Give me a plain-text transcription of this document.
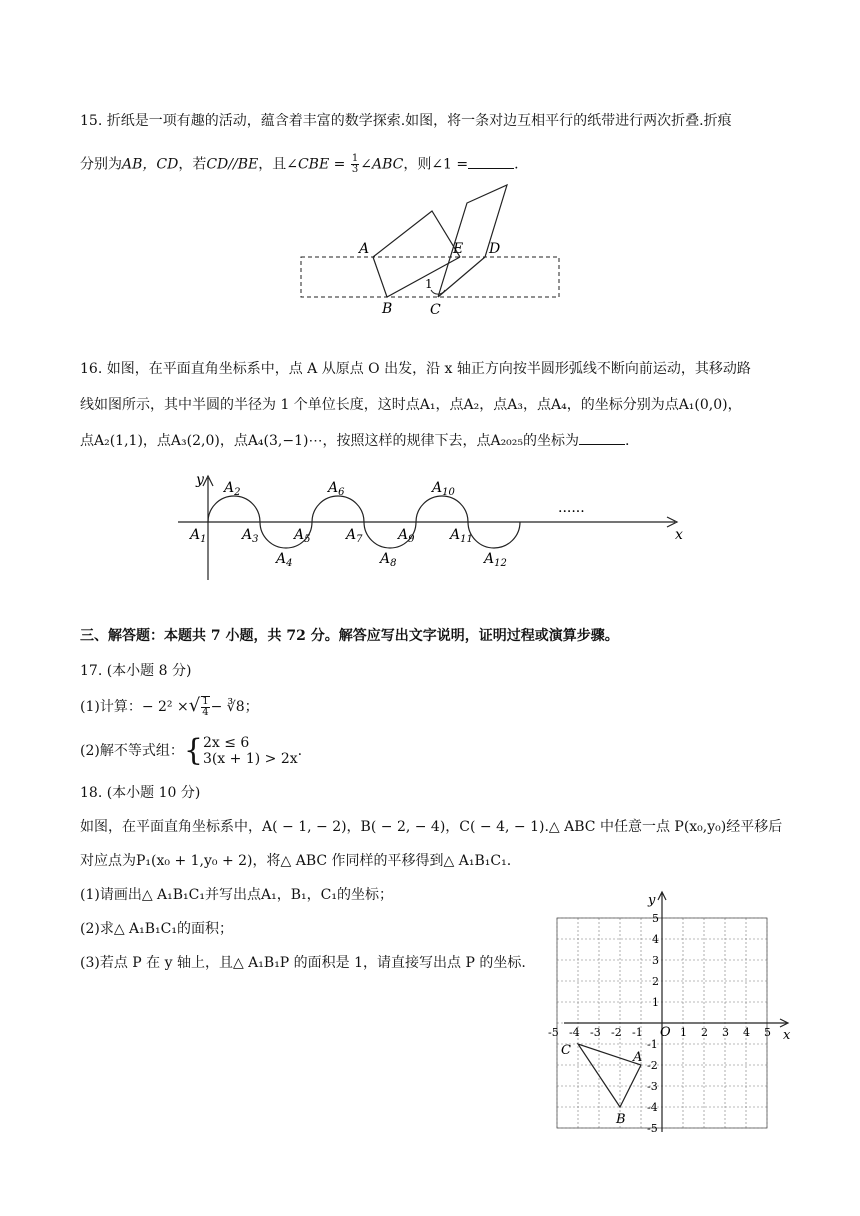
15. 折纸是一项有趣的活动，蕴含着丰富的数学探索.如图，将一条对边互相平行的纸带进行两次折叠.折痕
分别为AB，CD，若CD//BE，且∠CBE = $\frac{1}{3}$ ∠ABC，则∠1 =	.
A	E D
B	C
1
16. 如图，在平面直角坐标系中，点 A 从原点 O 出发，沿 x 轴正方向按半圆形弧线不断向前运动，其移动路
线如图所示，其中半圆的半径为 1 个单位长度，这时点A₁，点A₂，点A₃，点A₄，的坐标分别为点A₁(0,0)，
点A₂(1,1)，点A₃(2,0)，点A₄(3,−1)⋯，按照这样的规律下去，点A₂₀₂₅的坐标为	.
y
x
......
$A_2$	$A_6$	$A_{10}$
$A_1$	$A_3$	$A_5$	$A_7$	$A_9$	$A_{11}$
$A_4$	$A_8$	$A_{12}$
三、解答题：本题共 7 小题，共 72 分。解答应写出文字说明，证明过程或演算步骤。
17. (本小题 8 分)
(1)计算：− 2² ×√ $\frac{1}{4}$ − ∛8；
(2)解不等式组：{ 2x ≤ 6
3(x + 1) > 2x .
18. (本小题 10 分)
如图，在平面直角坐标系中，A( − 1, − 2)，B( − 2, − 4)，C( − 4, − 1).△ ABC 中任意一点 P(x₀,y₀)经平移后
对应点为P₁(x₀ + 1,y₀ + 2)，将△ ABC 作同样的平移得到△ A₁B₁C₁.
(1)请画出△ A₁B₁C₁并写出点A₁，B₁，C₁的坐标；
(2)求△ A₁B₁C₁的面积；
(3)若点 P 在 y 轴上，且△ A₁B₁P 的面积是 1，请直接写出点 P 的坐标.
x
y
O
-5 -4 -3 -2 -1	1 2 3 4 5
5
4
3
2
1
-1
-2
-3
-4
-5
A
B
C
